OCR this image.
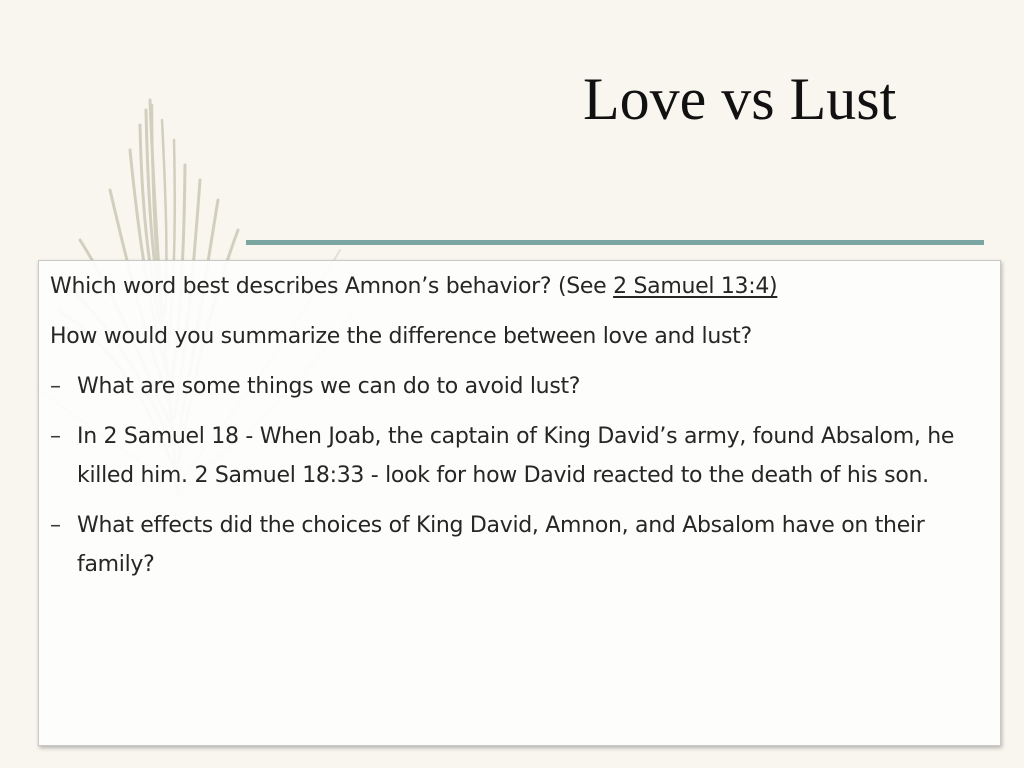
Love vs Lust
Which word best describes Amnon’s behavior? (See 2 Samuel 13:4)
How would you summarize the difference between love and lust?
– What are some things we can do to avoid lust?
– In 2 Samuel 18 - When Joab, the captain of King David’s army, found Absalom, he killed him. 2 Samuel 18:33 - look for how David reacted to the death of his son.
– What effects did the choices of King David, Amnon, and Absalom have on their family?
